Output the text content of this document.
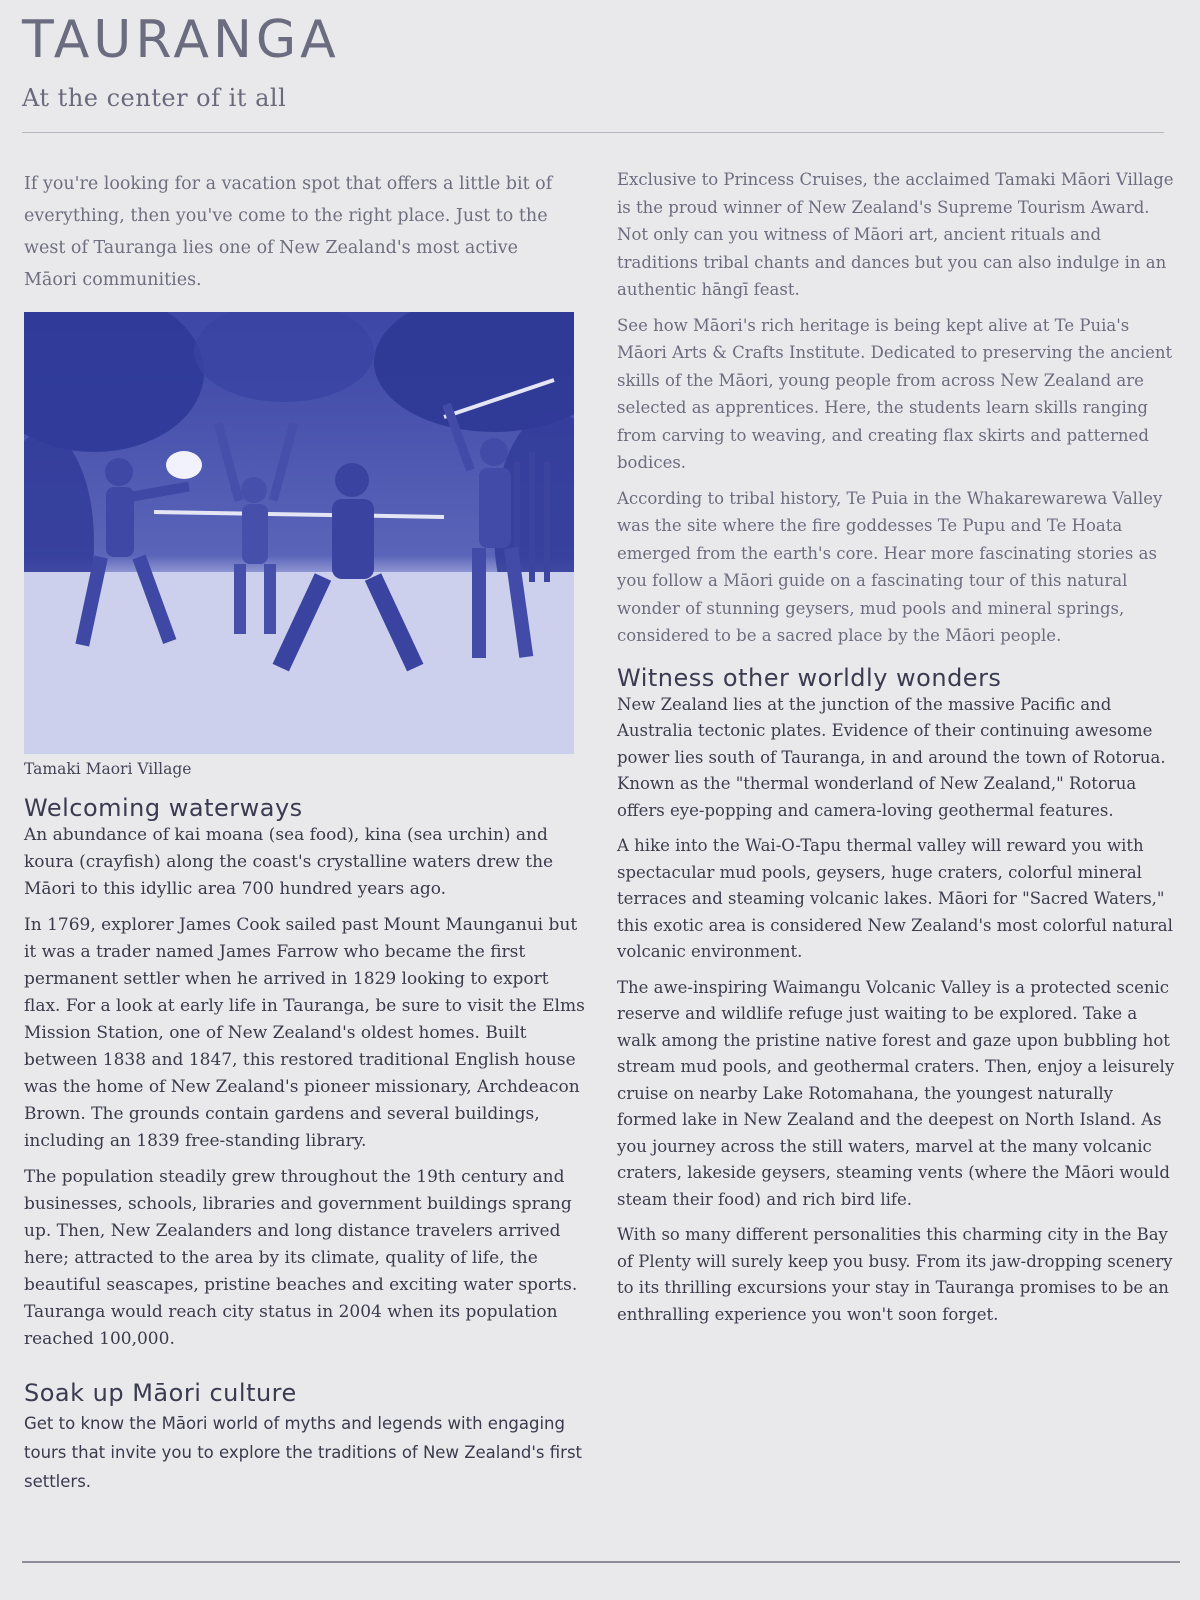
TAURANGA
At the center of it all

If you're looking for a vacation spot that offers a little bit of everything, then you've come to the right place. Just to the west of Tauranga lies one of New Zealand's most active Māori communities.

Tamaki Maori Village

Welcoming waterways

An abundance of kai moana (sea food), kina (sea urchin) and koura (crayfish) along the coast's crystalline waters drew the Māori to this idyllic area 700 hundred years ago.

In 1769, explorer James Cook sailed past Mount Maunganui but it was a trader named James Farrow who became the first permanent settler when he arrived in 1829 looking to export flax. For a look at early life in Tauranga, be sure to visit the Elms Mission Station, one of New Zealand's oldest homes. Built between 1838 and 1847, this restored traditional English house was the home of New Zealand's pioneer missionary, Archdeacon Brown. The grounds contain gardens and several buildings, including an 1839 free-standing library.

The population steadily grew throughout the 19th century and businesses, schools, libraries and government buildings sprang up. Then, New Zealanders and long distance travelers arrived here; attracted to the area by its climate, quality of life, the beautiful seascapes, pristine beaches and exciting water sports. Tauranga would reach city status in 2004 when its population reached 100,000.

Soak up Māori culture

Get to know the Māori world of myths and legends with engaging tours that invite you to explore the traditions of New Zealand's first settlers.

Exclusive to Princess Cruises, the acclaimed Tamaki Māori Village is the proud winner of New Zealand's Supreme Tourism Award. Not only can you witness of Māori art, ancient rituals and traditions tribal chants and dances but you can also indulge in an authentic hāngī feast.

See how Māori's rich heritage is being kept alive at Te Puia's Māori Arts & Crafts Institute. Dedicated to preserving the ancient skills of the Māori, young people from across New Zealand are selected as apprentices. Here, the students learn skills ranging from carving to weaving, and creating flax skirts and patterned bodices.

According to tribal history, Te Puia in the Whakarewarewa Valley was the site where the fire goddesses Te Pupu and Te Hoata emerged from the earth's core. Hear more fascinating stories as you follow a Māori guide on a fascinating tour of this natural wonder of stunning geysers, mud pools and mineral springs, considered to be a sacred place by the Māori people.

Witness other worldly wonders

New Zealand lies at the junction of the massive Pacific and Australia tectonic plates. Evidence of their continuing awesome power lies south of Tauranga, in and around the town of Rotorua. Known as the "thermal wonderland of New Zealand," Rotorua offers eye-popping and camera-loving geothermal features.

A hike into the Wai-O-Tapu thermal valley will reward you with spectacular mud pools, geysers, huge craters, colorful mineral terraces and steaming volcanic lakes. Māori for "Sacred Waters," this exotic area is considered New Zealand's most colorful natural volcanic environment.

The awe-inspiring Waimangu Volcanic Valley is a protected scenic reserve and wildlife refuge just waiting to be explored. Take a walk among the pristine native forest and gaze upon bubbling hot stream mud pools, and geothermal craters. Then, enjoy a leisurely cruise on nearby Lake Rotomahana, the youngest naturally formed lake in New Zealand and the deepest on North Island. As you journey across the still waters, marvel at the many volcanic craters, lakeside geysers, steaming vents (where the Māori would steam their food) and rich bird life.

With so many different personalities this charming city in the Bay of Plenty will surely keep you busy. From its jaw-dropping scenery to its thrilling excursions your stay in Tauranga promises to be an enthralling experience you won't soon forget.
